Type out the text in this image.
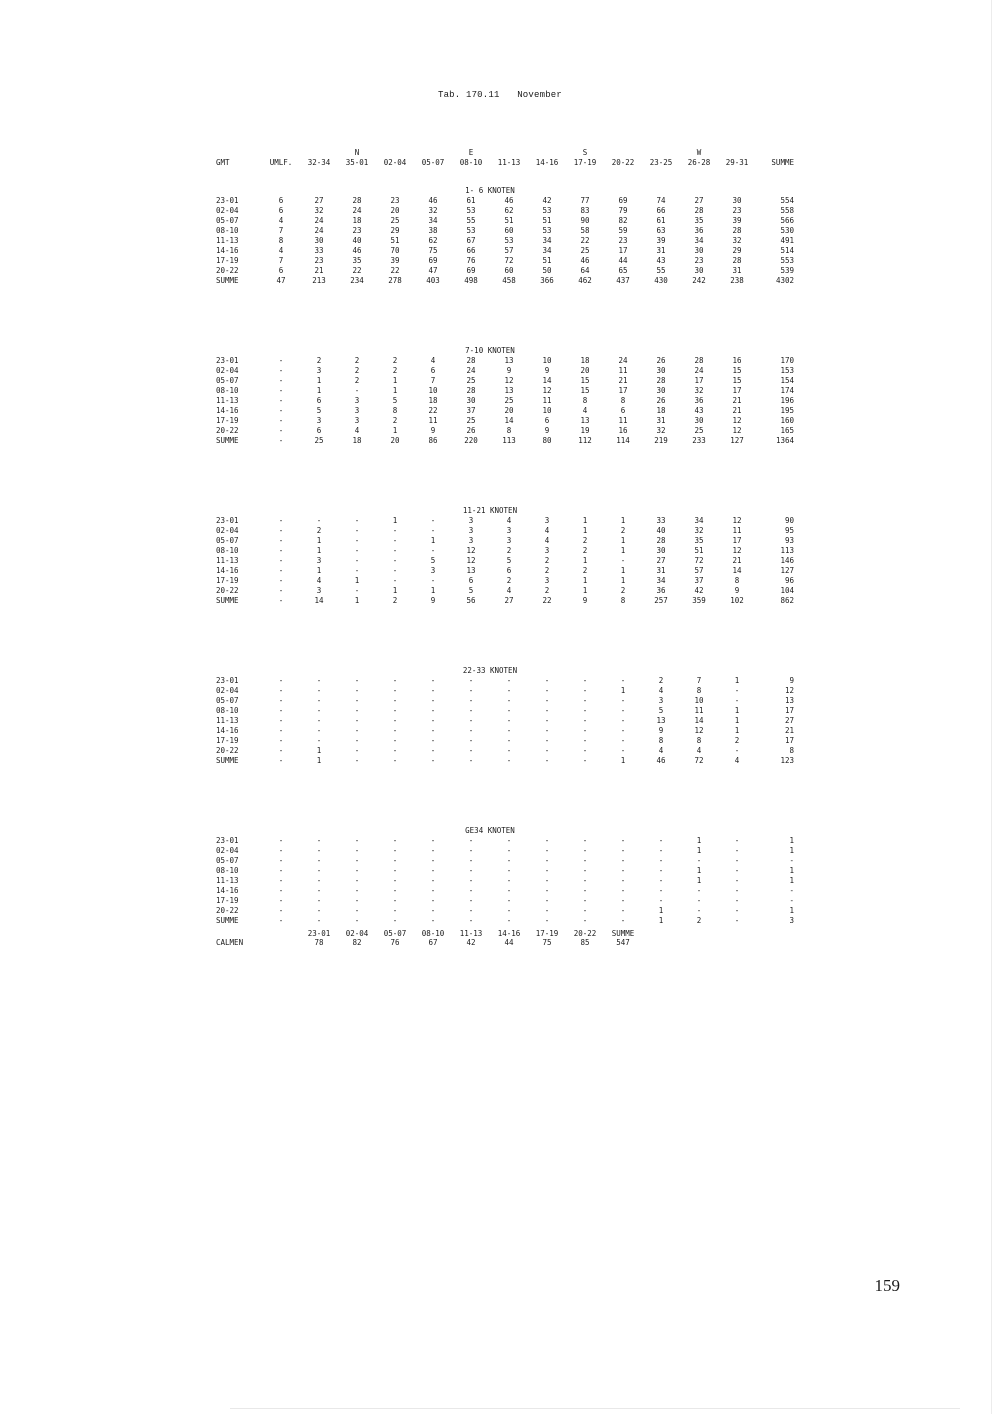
Tab. 170.11 November
			N			E			S			W		
GMT	UMLF.	32-34	35-01	02-04	05-07	08-10	11-13	14-16	17-19	20-22	23-25	26-28	29-31	SUMME
						1- 6 KNOTEN								
23-01	6	27	28	23	46	61	46	42	77	69	74	27	30	554
02-04	6	32	24	20	32	53	62	53	83	79	66	28	23	558
05-07	4	24	18	25	34	55	51	51	90	82	61	35	39	566
08-10	7	24	23	29	38	53	60	53	58	59	63	36	28	530
11-13	8	30	40	51	62	67	53	34	22	23	39	34	32	491
14-16	4	33	46	70	75	66	57	34	25	17	31	30	29	514
17-19	7	23	35	39	69	76	72	51	46	44	43	23	28	553
20-22	6	21	22	22	47	69	60	50	64	65	55	30	31	539
SUMME	47	213	234	278	403	498	458	366	462	437	430	242	238	4302
						7-10 KNOTEN								
23-01	-	2	2	2	4	28	13	10	18	24	26	28	16	170
02-04	-	3	2	2	6	24	9	9	20	11	30	24	15	153
05-07	-	1	2	1	7	25	12	14	15	21	28	17	15	154
08-10	-	1	-	1	10	28	13	12	15	17	30	32	17	174
11-13	-	6	3	5	18	30	25	11	8	8	26	36	21	196
14-16	-	5	3	8	22	37	20	10	4	6	18	43	21	195
17-19	-	3	3	2	11	25	14	6	13	11	31	30	12	160
20-22	-	6	4	1	9	26	8	9	19	16	32	25	12	165
SUMME	-	25	18	20	86	220	113	80	112	114	219	233	127	1364
						11-21 KNOTEN								
23-01	-	-	-	1	-	3	4	3	1	1	33	34	12	90
02-04	-	2	-	-	-	3	3	4	1	2	40	32	11	95
05-07	-	1	-	-	1	3	3	4	2	1	28	35	17	93
08-10	-	1	-	-	-	12	2	3	2	1	30	51	12	113
11-13	-	3	-	-	5	12	5	2	1	-	27	72	21	146
14-16	-	1	-	-	3	13	6	2	2	1	31	57	14	127
17-19	-	4	1	-	-	6	2	3	1	1	34	37	8	96
20-22	-	3	-	1	1	5	4	2	1	2	36	42	9	104
SUMME	-	14	1	2	9	56	27	22	9	8	257	359	102	862
						22-33 KNOTEN								
23-01	-	-	-	-	-	-	-	-	-	-	2	7	1	9
02-04	-	-	-	-	-	-	-	-	-	1	4	8	-	12
05-07	-	-	-	-	-	-	-	-	-	-	3	10	-	13
08-10	-	-	-	-	-	-	-	-	-	-	5	11	1	17
11-13	-	-	-	-	-	-	-	-	-	-	13	14	1	27
14-16	-	-	-	-	-	-	-	-	-	-	9	12	1	21
17-19	-	-	-	-	-	-	-	-	-	-	8	8	2	17
20-22	-	1	-	-	-	-	-	-	-	-	4	4	-	8
SUMME	-	1	-	-	-	-	-	-	-	1	46	72	4	123
						GE34 KNOTEN								
23-01	-	-	-	-	-	-	-	-	-	-	-	1	-	1
02-04	-	-	-	-	-	-	-	-	-	-	-	1	-	1
05-07	-	-	-	-	-	-	-	-	-	-	-	-	-	-
08-10	-	-	-	-	-	-	-	-	-	-	-	1	-	1
11-13	-	-	-	-	-	-	-	-	-	-	-	1	-	1
14-16	-	-	-	-	-	-	-	-	-	-	-	-	-	-
17-19	-	-	-	-	-	-	-	-	-	-	-	-	-	-
20-22	-	-	-	-	-	-	-	-	-	-	1	-	-	1
SUMME	-	-	-	-	-	-	-	-	-	-	1	2	-	3
	23-01	02-04	05-07	08-10	11-13	14-16	17-19	20-22	SUMME
CALMEN	78	82	76	67	42	44	75	85	547
159
